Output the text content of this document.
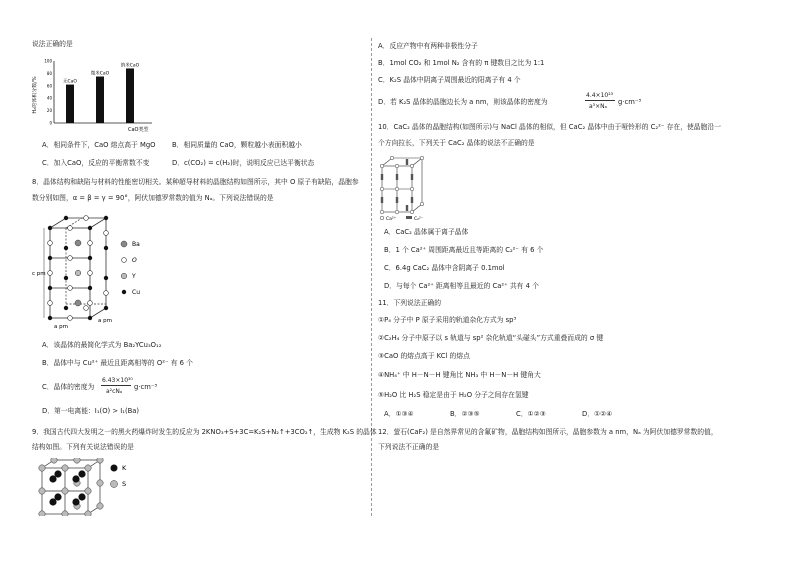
说法正确的是
H₂的体积分数/%
100
80
60
40
20
0
无CaO
微米CaO
纳米CaO
CaO类型
A．相同条件下，CaO 熔点高于 MgO B．相同质量的 CaO，颗粒越小表面积越小
C．加入CaO，反应的平衡常数不变	D．c(CO₂) = c(H₂)时，说明反应已达平衡状态
8．晶体结构和缺陷与材料的性能密切相关。某种超导材料的晶胞结构如图所示，其中 O 原子有缺陷，晶胞参
数分别如图，α = β = γ = 90°，阿伏加德罗常数的值为 Nₐ。下列说法错误的是
c pm
a pm
a pm
Ba
O
Y
Cu
A．该晶体的最简化学式为 Ba₂YCu₃O₁₂
B．晶体中与 Cu²⁺ 最近且距离相等的 O²⁻ 有 6 个
C．晶体的密度为
6.43×10³⁰
a²cNₐ
g·cm⁻³
D．第一电离能：I₁(O) > I₁(Ba)
9．我国古代四大发明之一的黑火药爆炸时发生的反应为 2KNO₃+S+3C=K₂S+N₂↑+3CO₂↑，生成物 K₂S 的晶体
结构如图。下列有关说法错误的是
K
S
A．反应产物中有两种非极性分子
B．1mol CO₂ 和 1mol N₂ 含有的 π 键数目之比为 1:1
C．K₂S 晶体中阴离子周围最近的阳离子有 4 个
D．若 K₂S 晶体的晶胞边长为 a nm，则该晶体的密度为
4.4×10²³
a³×Nₐ
g·cm⁻³
10．CaC₂ 晶体的晶胞结构(如图所示)与 NaCl 晶体的相似，但 CaC₂ 晶体中由于哑铃形的 C₂²⁻ 存在，使晶胞沿一
个方向拉长，下列关于 CaC₂ 晶体的说法不正确的是
Ca²⁺	C₂²⁻
A．CaC₂ 晶体属于离子晶体
B．1 个 Ca²⁺ 周围距离最近且等距离的 C₂²⁻ 有 6 个
C．6.4g CaC₂ 晶体中含阴离子 0.1mol
D．与每个 Ca²⁺ 距离相等且最近的 Ca²⁺ 共有 4 个
11．下列说法正确的
①P₄ 分子中 P 原子采用的轨道杂化方式为 sp³
②C₂H₄ 分子中原子以 s 轨道与 sp² 杂化轨道“头碰头”方式重叠而成的 σ 键
③CaO 的熔点高于 KCl 的熔点
④NH₄⁺ 中 H－N－H 键角比 NH₃ 中 H－N－H 键角大
⑤H₂O 比 H₂S 稳定是由于 H₂O 分子之间存在氢键
A．①③④	B．②③⑤	C．①②③	D．①②④
12．萤石(CaF₂) 是自然界常见的含氟矿物，晶胞结构如图所示，晶胞参数为 a nm，Nₐ 为阿伏加德罗常数的值，
下列说法不正确的是
